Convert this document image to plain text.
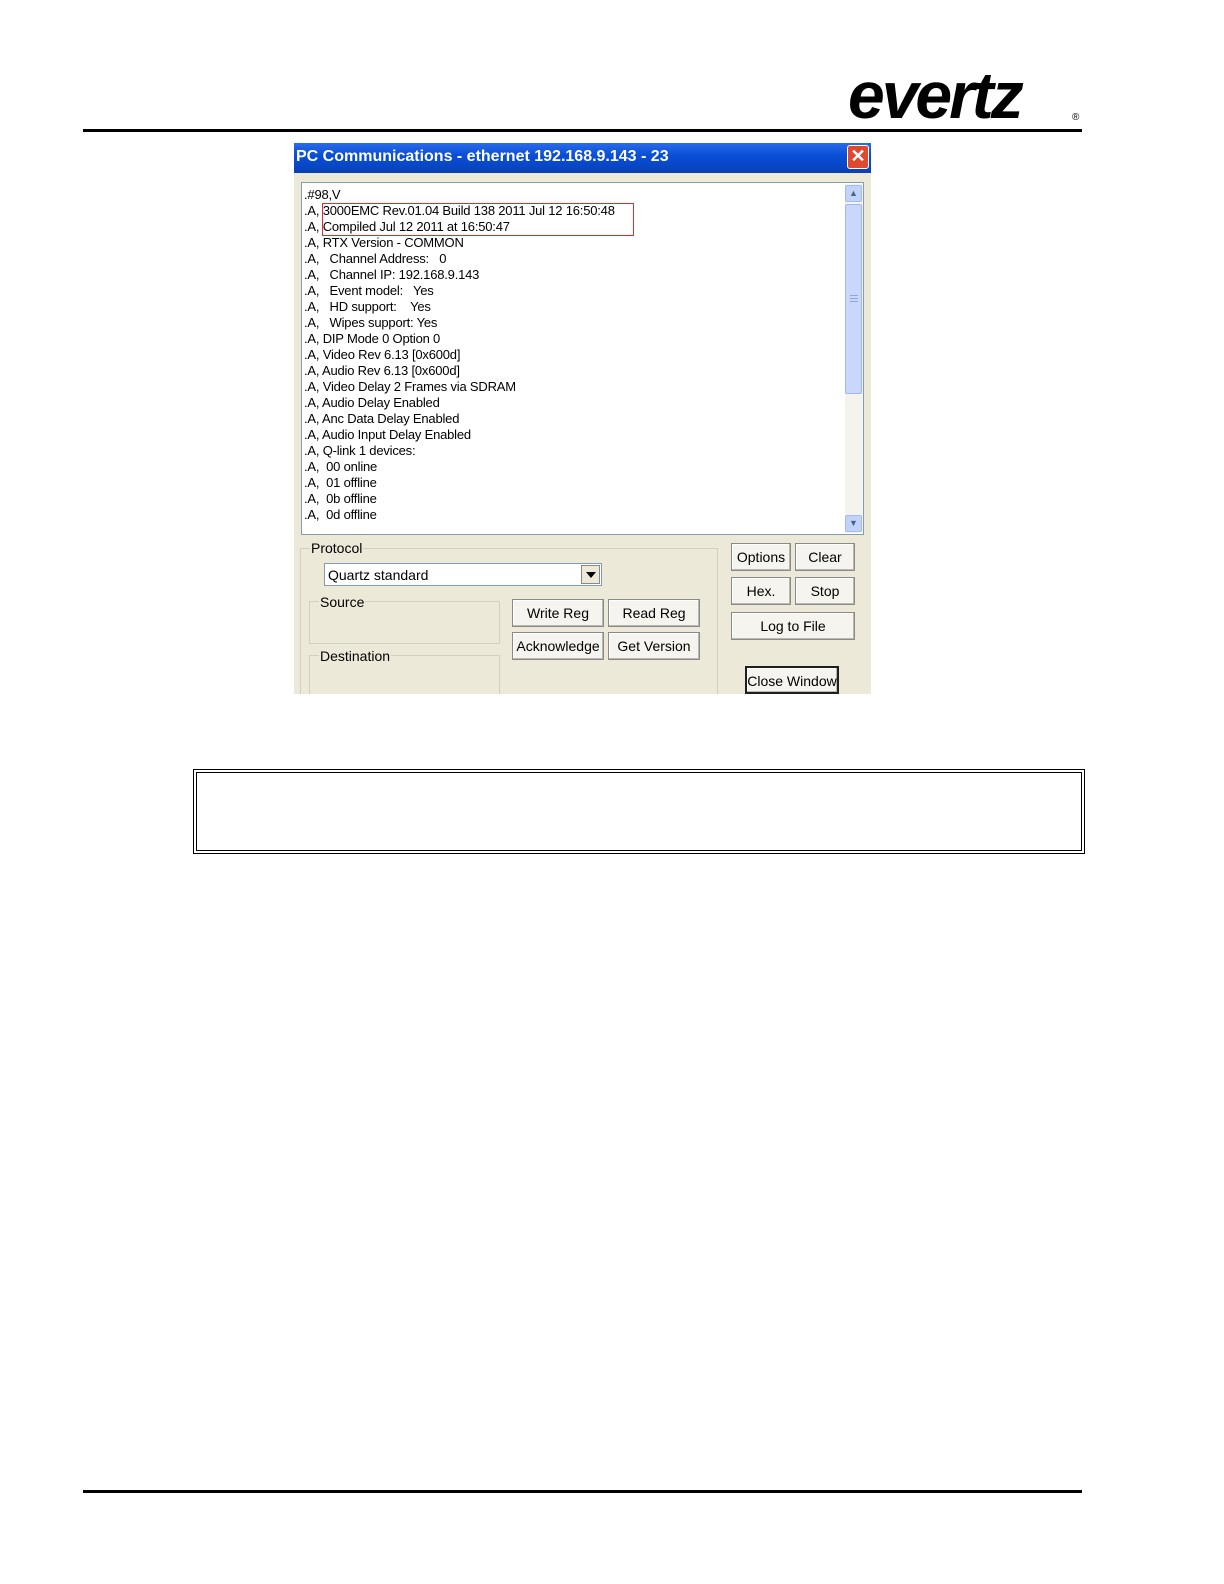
evertz	®
PC Communications - ethernet 192.168.9.143 - 23	✕
.#98,V
.A, 3000EMC Rev.01.04 Build 138 2011 Jul 12 16:50:48
.A, Compiled Jul 12 2011 at 16:50:47
.A, RTX Version - COMMON
.A,   Channel Address:   0
.A,   Channel IP: 192.168.9.143
.A,   Event model:   Yes
.A,   HD support:    Yes
.A,   Wipes support: Yes
.A, DIP Mode 0 Option 0
.A, Video Rev 6.13 [0x600d]
.A, Audio Rev 6.13 [0x600d]
.A, Video Delay 2 Frames via SDRAM
.A, Audio Delay Enabled
.A, Anc Data Delay Enabled
.A, Audio Input Delay Enabled
.A, Q-link 1 devices:
.A,  00 online
.A,  01 offline
.A,  0b offline
.A,  0d offline
▲
▼
Protocol
Quartz standard
Source
Destination
Write Reg	Read Reg
Acknowledge	Get Version
Options	Clear
Hex.	Stop
Log to File
Close Window
